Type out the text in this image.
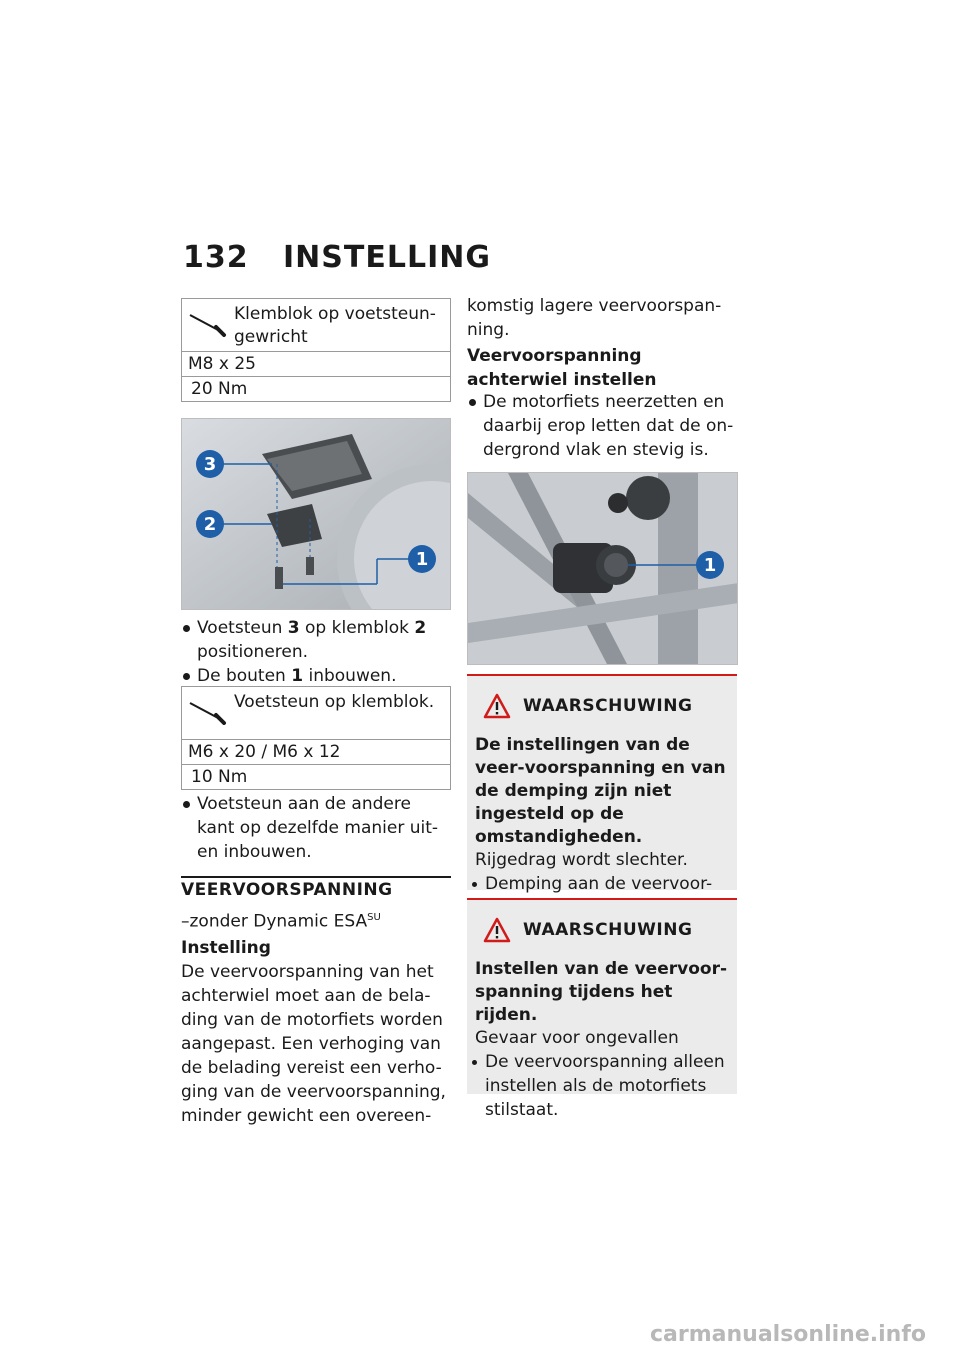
132 INSTELLING
Klemblok op voetsteun-gewricht
M8 x 25
20 Nm
3
2
1
Voetsteun 3 op klemblok 2 positioneren.
De bouten 1 inbouwen.
Voetsteun op klemblok.
M6 x 20 / M6 x 12
10 Nm
Voetsteun aan de andere kant op dezelfde manier uit- en inbouwen.
VEERVOORSPANNING
–zonder Dynamic $ESA^{SU}$
Instelling
De veervoorspanning van het achterwiel moet aan de bela-ding van de motorfiets worden aangepast. Een verhoging van de belading vereist een verho-ging van de veervoorspanning, minder gewicht een overeen-
komstig lagere veervoorspan-ning.
Veervoorspanning achterwiel instellen
De motorfiets neerzetten en daarbij erop letten dat de on-dergrond vlak en stevig is.
1
WAARSCHUWING
De instellingen van de veer-voorspanning en van de demping zijn niet ingesteld op de omstandigheden.
Rijgedrag wordt slechter.
Demping aan de veervoor-
WAARSCHUWING
Instellen van de veervoor-spanning tijdens het rijden.
Gevaar voor ongevallen
De veervoorspanning alleen instellen als de motorfiets stilstaat.
carmanualsonline.info
